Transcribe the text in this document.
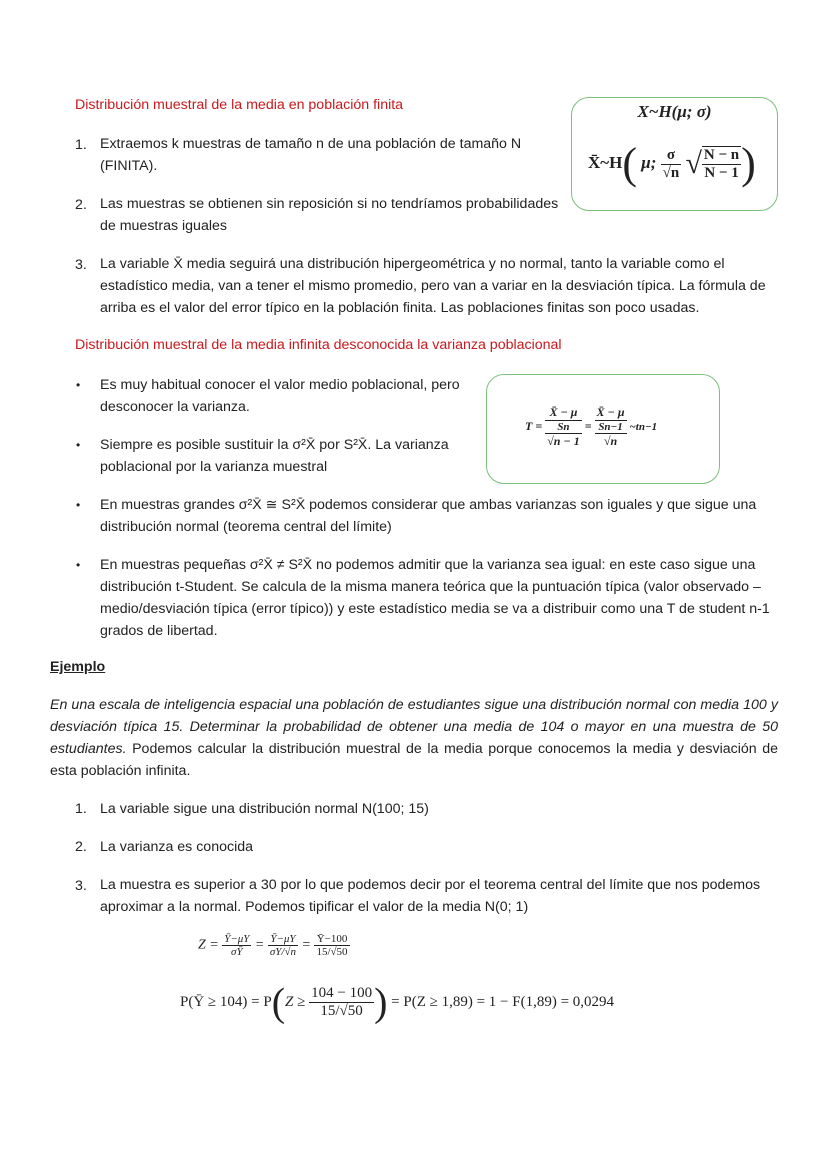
Distribución muestral de la media en población finita
1. Extraemos k muestras de tamaño n de una población de tamaño N
(FINITA).
2. Las muestras se obtienen sin reposición si no tendríamos probabilidades
de muestras iguales
3. La variable X̄ media seguirá una distribución hipergeométrica y no normal, tanto la variable como el
estadístico media, van a tener el mismo promedio, pero van a variar en la desviación típica. La fórmula de
arriba es el valor del error típico en la población finita. Las poblaciones finitas son poco usadas.
X~H(μ; σ)
X̄~H( μ; $\frac{\sigma}{√n}$ √ $\frac{N - n}{N - 1}$ )
Distribución muestral de la media infinita desconocida la varianza poblacional
• Es muy habitual conocer el valor medio poblacional, pero
desconocer la varianza.
• Siempre es posible sustituir la σ²X̄ por S²X̄. La varianza
poblacional por la varianza muestral
• En muestras grandes σ²X̄ ≅ S²X̄ podemos considerar que ambas varianzas son iguales y que sigue una
distribución normal (teorema central del límite)
• En muestras pequeñas σ²X̄ ≠ S²X̄ no podemos admitir que la varianza sea igual: en este caso sigue una
distribución t-Student. Se calcula de la misma manera teórica que la puntuación típica (valor observado –
medio/desviación típica (error típico)) y este estadístico media se va a distribuir como una T de student n-1
grados de libertad.
T =
X̄ − μ
Sn
√n − 1
=
X̄ − μ
Sn−1
√n
~tn−1
Ejemplo
En una escala de inteligencia espacial una población de estudiantes sigue una distribución normal con media 100 y desviación típica 15. Determinar la probabilidad de obtener una media de 104 o mayor en una muestra de 50 estudiantes. Podemos calcular la distribución muestral de la media porque conocemos la media y desviación de esta población infinita.
1. La variable sigue una distribución normal N(100; 15)
2. La varianza es conocida
3. La muestra es superior a 30 por lo que podemos decir por el teorema central del límite que nos podemos
aproximar a la normal. Podemos tipificar el valor de la media N(0; 1)
$Z = \frac{Ȳ-\mu Y}{\sigma Ȳ} = \frac{Ȳ-\mu Y}{\sigma Y/√n} = \frac{Ȳ-100}{15/√50}$
P(Ȳ ≥ $104) = P(Z \ge \frac{104 - 100}{15/√50}$ ) = P(Z ≥ 1,89) = 1 − F(1,89) = 0,0294
